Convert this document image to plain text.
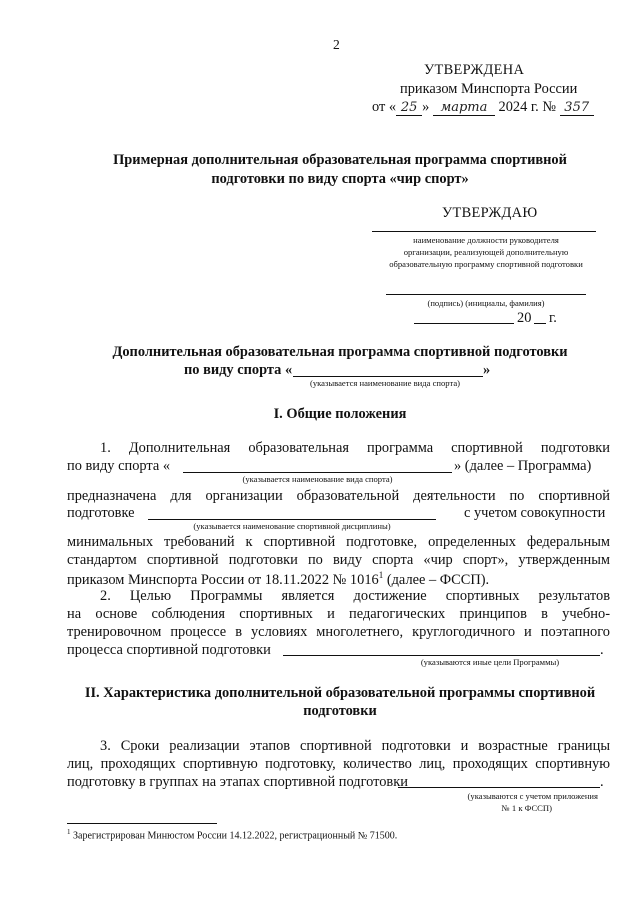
2
УТВЕРЖДЕНА
приказом Минспорта России
от « 25 » марта 2024 г. № 357
Примерная дополнительная образовательная программа спортивной
подготовки по виду спорта «чир спорт»
УТВЕРЖДАЮ
наименование должности руководителя
организации, реализующей дополнительную
образовательную программу спортивной подготовки
(подпись) (инициалы, фамилия)
20 г.
Дополнительная образовательная программа спортивной подготовки
по виду спорта «	»
(указывается наименование вида спорта)
I. Общие положения
1. Дополнительная образовательная программа спортивной подготовки
по виду спорта «	» (далее – Программа)
(указывается наименование вида спорта)
предназначена для организации образовательной деятельности по спортивной
подготовке	с учетом совокупности
(указывается наименование спортивной дисциплины)
минимальных требований к спортивной подготовке, определенных федеральным
стандартом спортивной подготовки по виду спорта «чир спорт», утвержденным
приказом Минспорта России от 18.11.2022 № 1016$^1$ (далее – ФССП).
2. Целью Программы является достижение спортивных результатов
на основе соблюдения спортивных и педагогических принципов в учебно-
тренировочном процессе в условиях многолетнего, круглогодичного и поэтапного
процесса спортивной подготовки	.
(указываются иные цели Программы)
II. Характеристика дополнительной образовательной программы спортивной
подготовки
3. Сроки реализации этапов спортивной подготовки и возрастные границы
лиц, проходящих спортивную подготовку, количество лиц, проходящих спортивную
подготовку в группах на этапах спортивной подготовки	.
(указываются с учетом приложения
№ 1 к ФССП)
$^1$ Зарегистрирован Минюстом России 14.12.2022, регистрационный № 71500.
